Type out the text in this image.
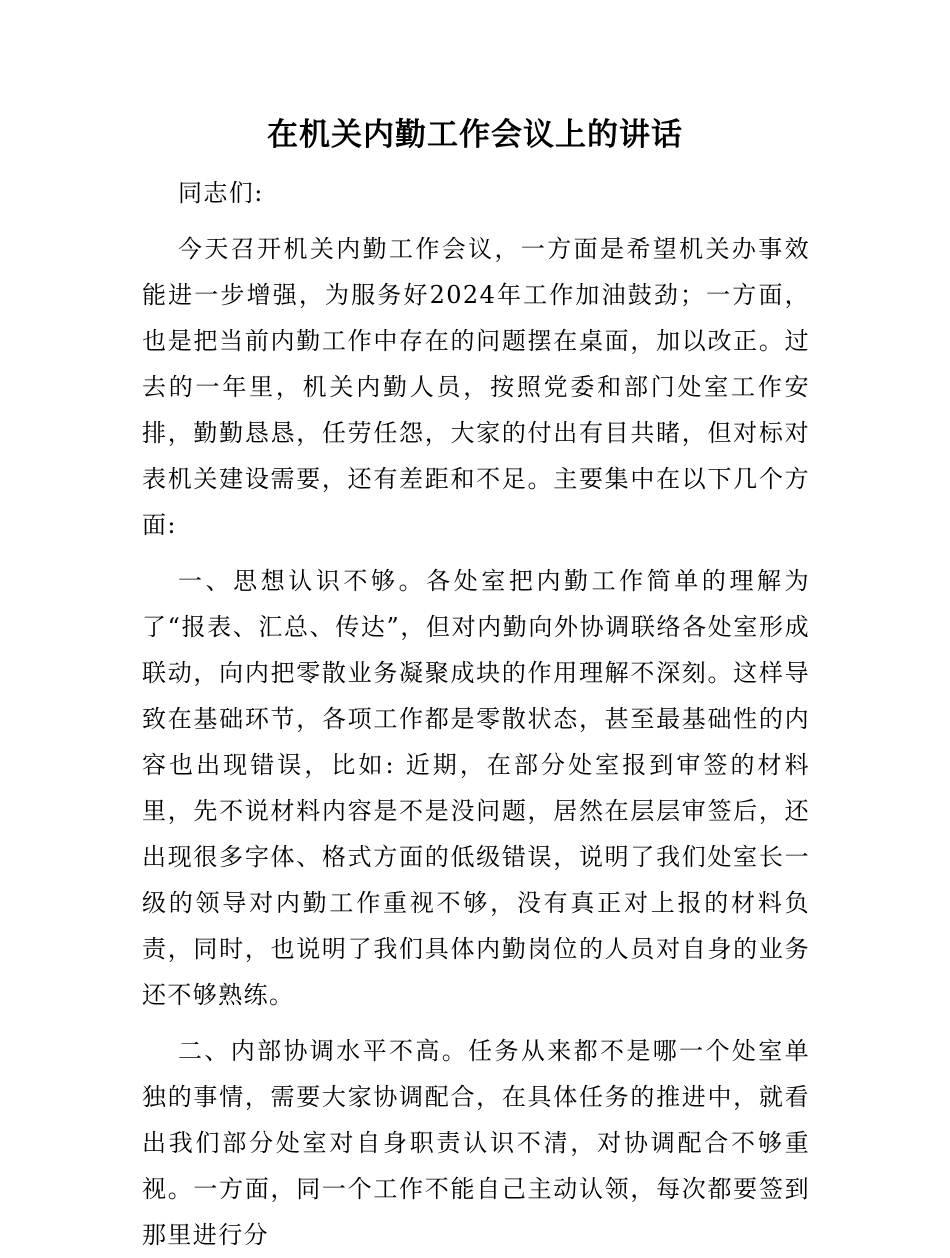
在机关内勤工作会议上的讲话

同志们:

今天召开机关内勤工作会议，一方面是希望机关办事效能进一步增强，为服务好2024年工作加油鼓劲；一方面，也是把当前内勤工作中存在的问题摆在桌面，加以改正。过去的一年里，机关内勤人员，按照党委和部门处室工作安排，勤勤恳恳，任劳任怨，大家的付出有目共睹，但对标对表机关建设需要，还有差距和不足。主要集中在以下几个方面:

一、思想认识不够。各处室把内勤工作简单的理解为了“报表、汇总、传达”，但对内勤向外协调联络各处室形成联动，向内把零散业务凝聚成块的作用理解不深刻。这样导致在基础环节，各项工作都是零散状态，甚至最基础性的内容也出现错误，比如: 近期，在部分处室报到审签的材料里，先不说材料内容是不是没问题，居然在层层审签后，还出现很多字体、格式方面的低级错误，说明了我们处室长一级的领导对内勤工作重视不够，没有真正对上报的材料负责，同时，也说明了我们具体内勤岗位的人员对自身的业务还不够熟练。

二、内部协调水平不高。任务从来都不是哪一个处室单独的事情，需要大家协调配合，在具体任务的推进中，就看出我们部分处室对自身职责认识不清，对协调配合不够重视。一方面，同一个工作不能自己主动认领，每次都要签到那里进行分
